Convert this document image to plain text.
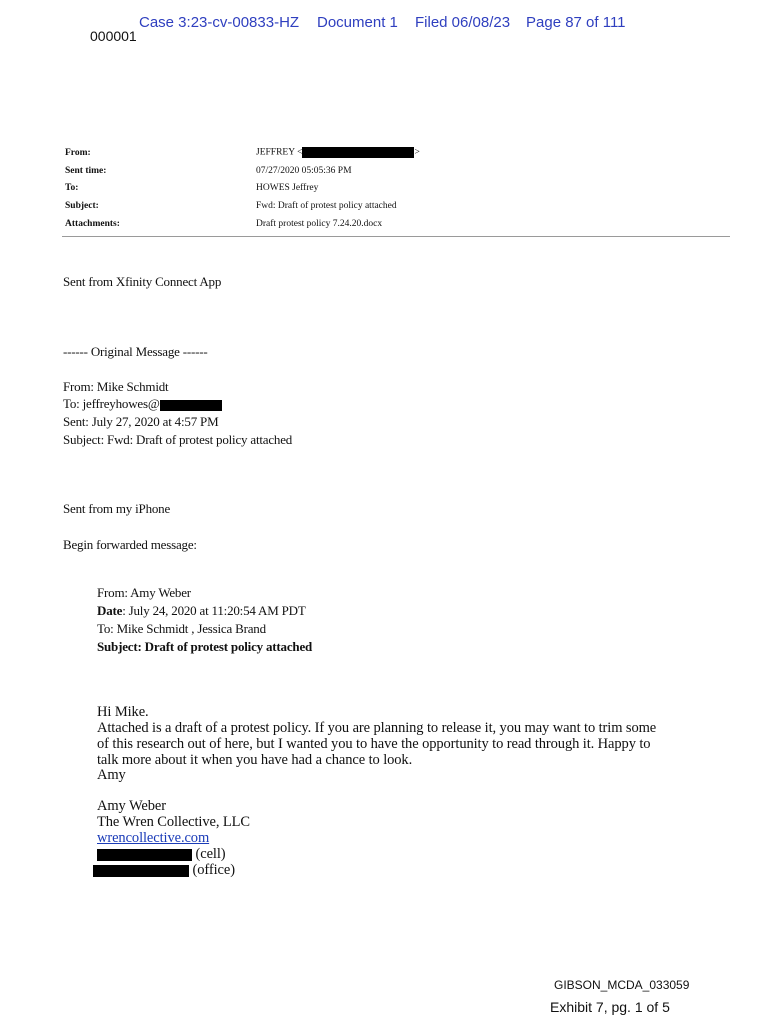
Case 3:23-cv-00833-HZ Document 1 Filed 06/08/23 Page 87 of 111
000001
From:	JEFFREY <	>
Sent time:	07/27/2020 05:05:36 PM
To:	HOWES Jeffrey
Subject:	Fwd: Draft of protest policy attached
Attachments:	Draft protest policy 7.24.20.docx
Sent from Xfinity Connect App
------ Original Message ------
From: Mike Schmidt
To: jeffreyhowes@
Sent: July 27, 2020 at 4:57 PM
Subject: Fwd: Draft of protest policy attached
Sent from my iPhone
Begin forwarded message:
From: Amy Weber
Date: July 24, 2020 at 11:20:54 AM PDT
To: Mike Schmidt , Jessica Brand
Subject: Draft of protest policy attached
Hi Mike.
Attached is a draft of a protest policy. If you are planning to release it, you may want to trim some
of this research out of here, but I wanted you to have the opportunity to read through it. Happy to
talk more about it when you have had a chance to look.
Amy
Amy Weber
The Wren Collective, LLC
wrencollective.com
(cell)
(office)
GIBSON_MCDA_033059
Exhibit 7, pg. 1 of 5
